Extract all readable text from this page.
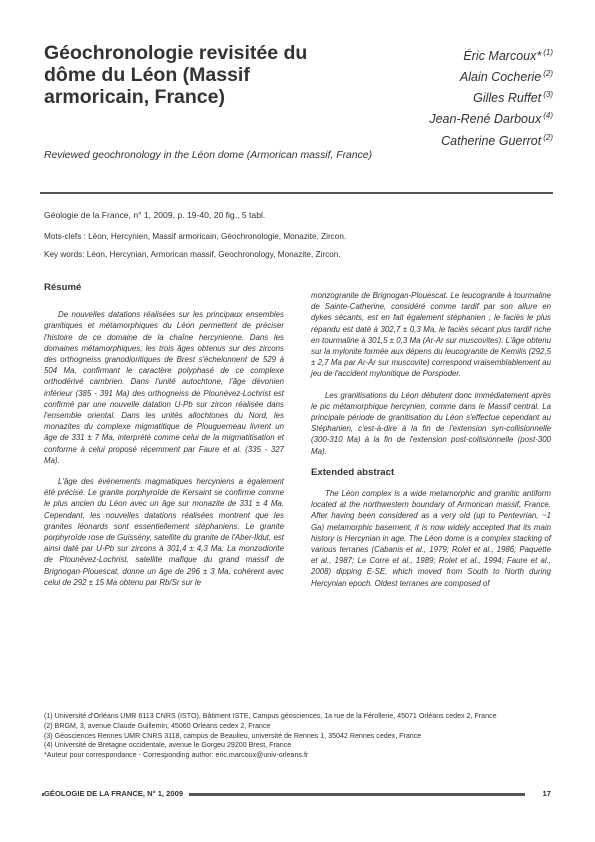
Géochronologie revisitée du dôme du Léon (Massif armoricain, France)
Éric Marcoux* $^{(1)}$
Alain Cocherie $^{(2)}$
Gilles Ruffet $^{(3)}$
Jean-René Darboux $^{(4)}$
Catherine Guerrot $^{(2)}$
Reviewed geochronology in the Léon dome (Armorican massif, France)
Géologie de la France, n° 1, 2009, p. 19-40, 20 fig., 5 tabl.
Mots-clefs : Léon, Hercynien, Massif armoricain, Géochronologie, Monazite, Zircon.
Key words: Léon, Hercynian, Armorican massif, Geochronology, Monazite, Zircon.
Résumé

De nouvelles datations réalisées sur les principaux ensembles granitiques et métamorphiques du Léon permettent de préciser l'histoire de ce domaine de la chaîne hercynienne. Dans les domaines métamorphiques, les trois âges obtenus sur des zircons des orthogneiss granodioritiques de Brest s'échelonnent de 529 à 504 Ma, confirmant le caractère polyphasé de ce complexe orthodérivé cambrien. Dans l'unité autochtone, l'âge dévonien inférieur (385 - 391 Ma) des orthogneiss de Plounévez-Lochrist est confirmé par une nouvelle datation U-Pb sur zircon réalisée dans l'ensemble oriental. Dans les unités allochtones du Nord, les monazites du complexe migmatitique de Plouguerneau livrent un âge de 331 ± 7 Ma, interprété comme celui de la migmatitisation et conforme à celui proposé récemment par Faure et al. (335 - 327 Ma).

L'âge des événements magmatiques hercyniens a également été précisé. Le granite porphyroïde de Kersaint se confirme comme le plus ancien du Léon avec un âge sur monazite de 331 ± 4 Ma. Cependant, les nouvelles datations réalisées montrent que les granites léonards sont essentiellement stéphaniens. Le granite porphyroïde rose de Guissény, satellite du granite de l'Aber-Ildut, est ainsi daté par U-Pb sur zircons à 301,4 ± 4,3 Ma. La monzodiorite de Plounévez-Lochrist, satellite mafique du grand massif de Brignogan-Plouescat, donne un âge de 296 ± 3 Ma, cohérent avec celui de 292 ± 15 Ma obtenu par Rb/Sr sur le

monzogranite de Brignogan-Plouescat. Le leucogranite à tourmaline de Sainte-Catherine, considéré comme tardif par son allure en dykes sécants, est en fait également stéphanien ; le faciès le plus répandu est daté à 302,7 ± 0,3 Ma, le faciès sécant plus tardif riche en tourmaline à 301,5 ± 0,3 Ma (Ar-Ar sur muscovites). L'âge obtenu sur la mylonite formée aux dépens du leucogranite de Kemilis (292,5 ± 2,7 Ma par Ar-Ar sur muscovite) correspond vraisemblablement au jeu de l'accident mylonitique de Porspoder.

Les granitisations du Léon débutent donc immédiatement après le pic métamorphique hercynien, comme dans le Massif central. La principale période de granitisation du Léon s'effectue cependant au Stéphanien, c'est-à-dire à la fin de l'extension syn-collisionnelle (300-310 Ma) à la fin de l'extension post-collisionnelle (post-300 Ma).

Extended abstract

The Léon complex is a wide metamorphic and granitic antiform located at the northwestern boundary of Armorican massif, France. After having been considered as a very old (up to Pentevrian, ~1 Ga) metamorphic basement, it is now widely accepted that its main history is Hercynian in age. The Léon dome is a complex stacking of various terranes (Cabanis et al., 1979; Rolet et al., 1986; Paquette et al., 1987; Le Corre et al., 1989; Rolet et al., 1994; Faure et al., 2008) dipping E-SE, which moved from South to North during Hercynian epoch. Oldest terranes are composed of

(1) Université d'Orléans UMR 6113 CNRS (ISTO), Bâtiment ISTE, Campus géosciences, 1a rue de la Férollerie, 45071 Orléans cedex 2, France
(2) BRGM, 3, avenue Claude Guillemin, 45060 Orléans cedex 2, France
(3) Géosciences Rennes UMR CNRS 3118, campus de Beaulieu, université de Rennes 1, 35042 Rennes cedex, France
(4) Université de Bretagne occidentale, avenue le Gorgeu 29200 Brest, France
*Auteur pour correspondance - Corresponding author: eric.marcoux@univ-orleans.fr
GÉOLOGIE DE LA FRANCE, N° 1, 2009	17
